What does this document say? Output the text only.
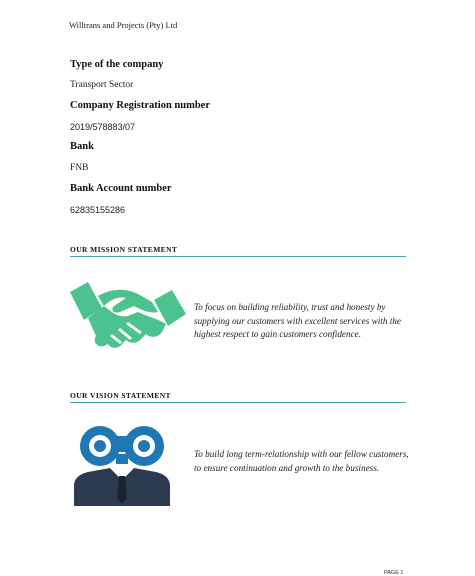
Willtrans and Projects (Pty) Ltd
Type of the company
Transport Sector
Company Registration number
2019/578883/07
Bank
FNB
Bank Account number
62835155286
OUR MISSION STATEMENT
To focus on building reliability, trust and honesty by supplying our customers with excellent services with the highest respect to gain customers confidence.
OUR VISION STATEMENT
To build long term-relationship with our fellow customers, to ensure continuation and growth to the business.
PAGE 1
